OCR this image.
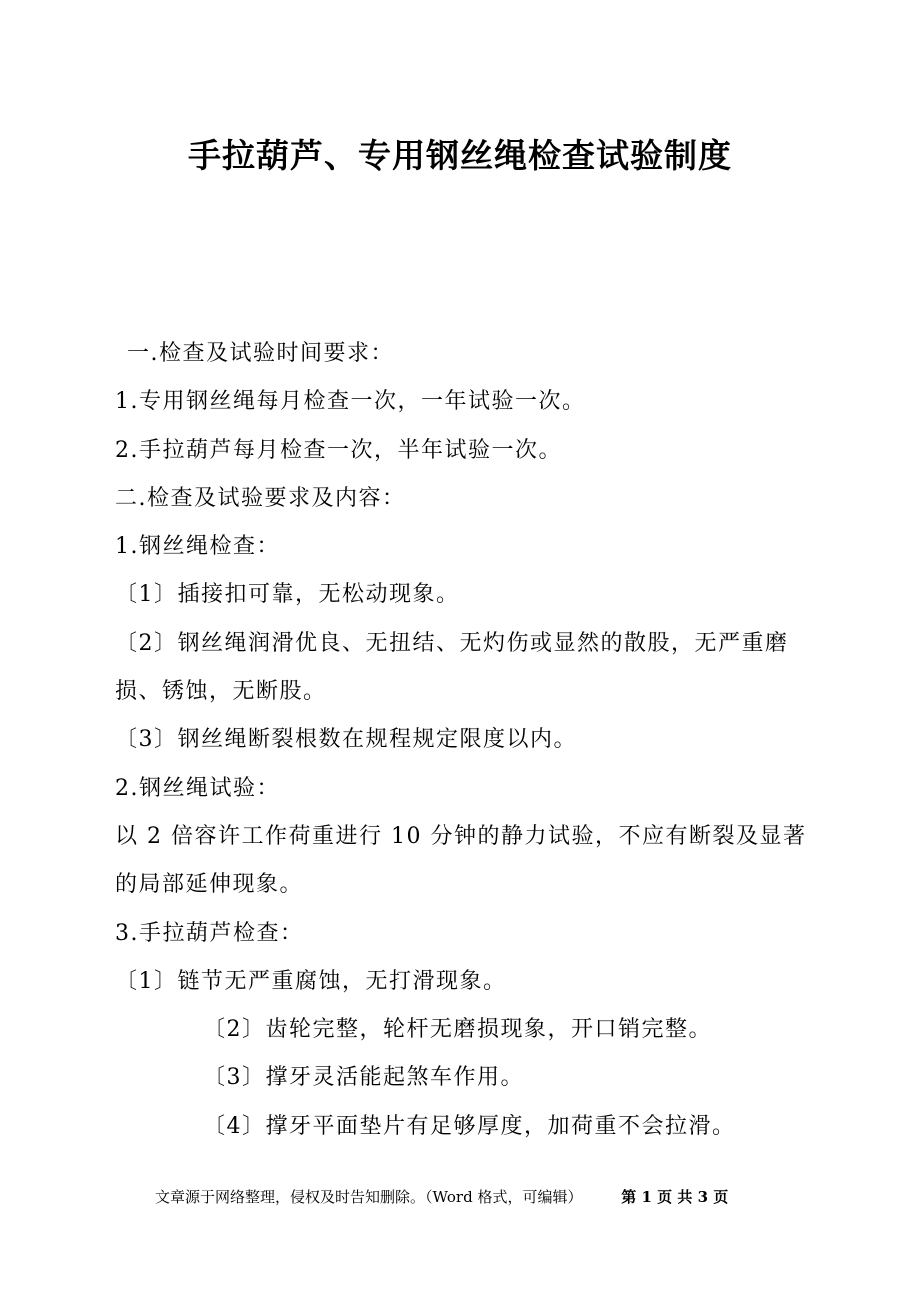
手拉葫芦、专用钢丝绳检查试验制度
一.检查及试验时间要求：
1.专用钢丝绳每月检查一次，一年试验一次。
2.手拉葫芦每月检查一次，半年试验一次。
二.检查及试验要求及内容：
1.钢丝绳检查：
〔1〕插接扣可靠，无松动现象。
〔2〕钢丝绳润滑优良、无扭结、无灼伤或显然的散股，无严重磨
损、锈蚀，无断股。
〔3〕钢丝绳断裂根数在规程规定限度以内。
2.钢丝绳试验：
以 2 倍容许工作荷重进行 10 分钟的静力试验，不应有断裂及显著
的局部延伸现象。
3.手拉葫芦检查：
〔1〕链节无严重腐蚀，无打滑现象。
〔2〕齿轮完整，轮杆无磨损现象，开口销完整。
〔3〕撑牙灵活能起煞车作用。
〔4〕撑牙平面垫片有足够厚度，加荷重不会拉滑。
文章源于网络整理，侵权及时告知删除。（Word 格式，可编辑）	第 1 页 共 3 页
